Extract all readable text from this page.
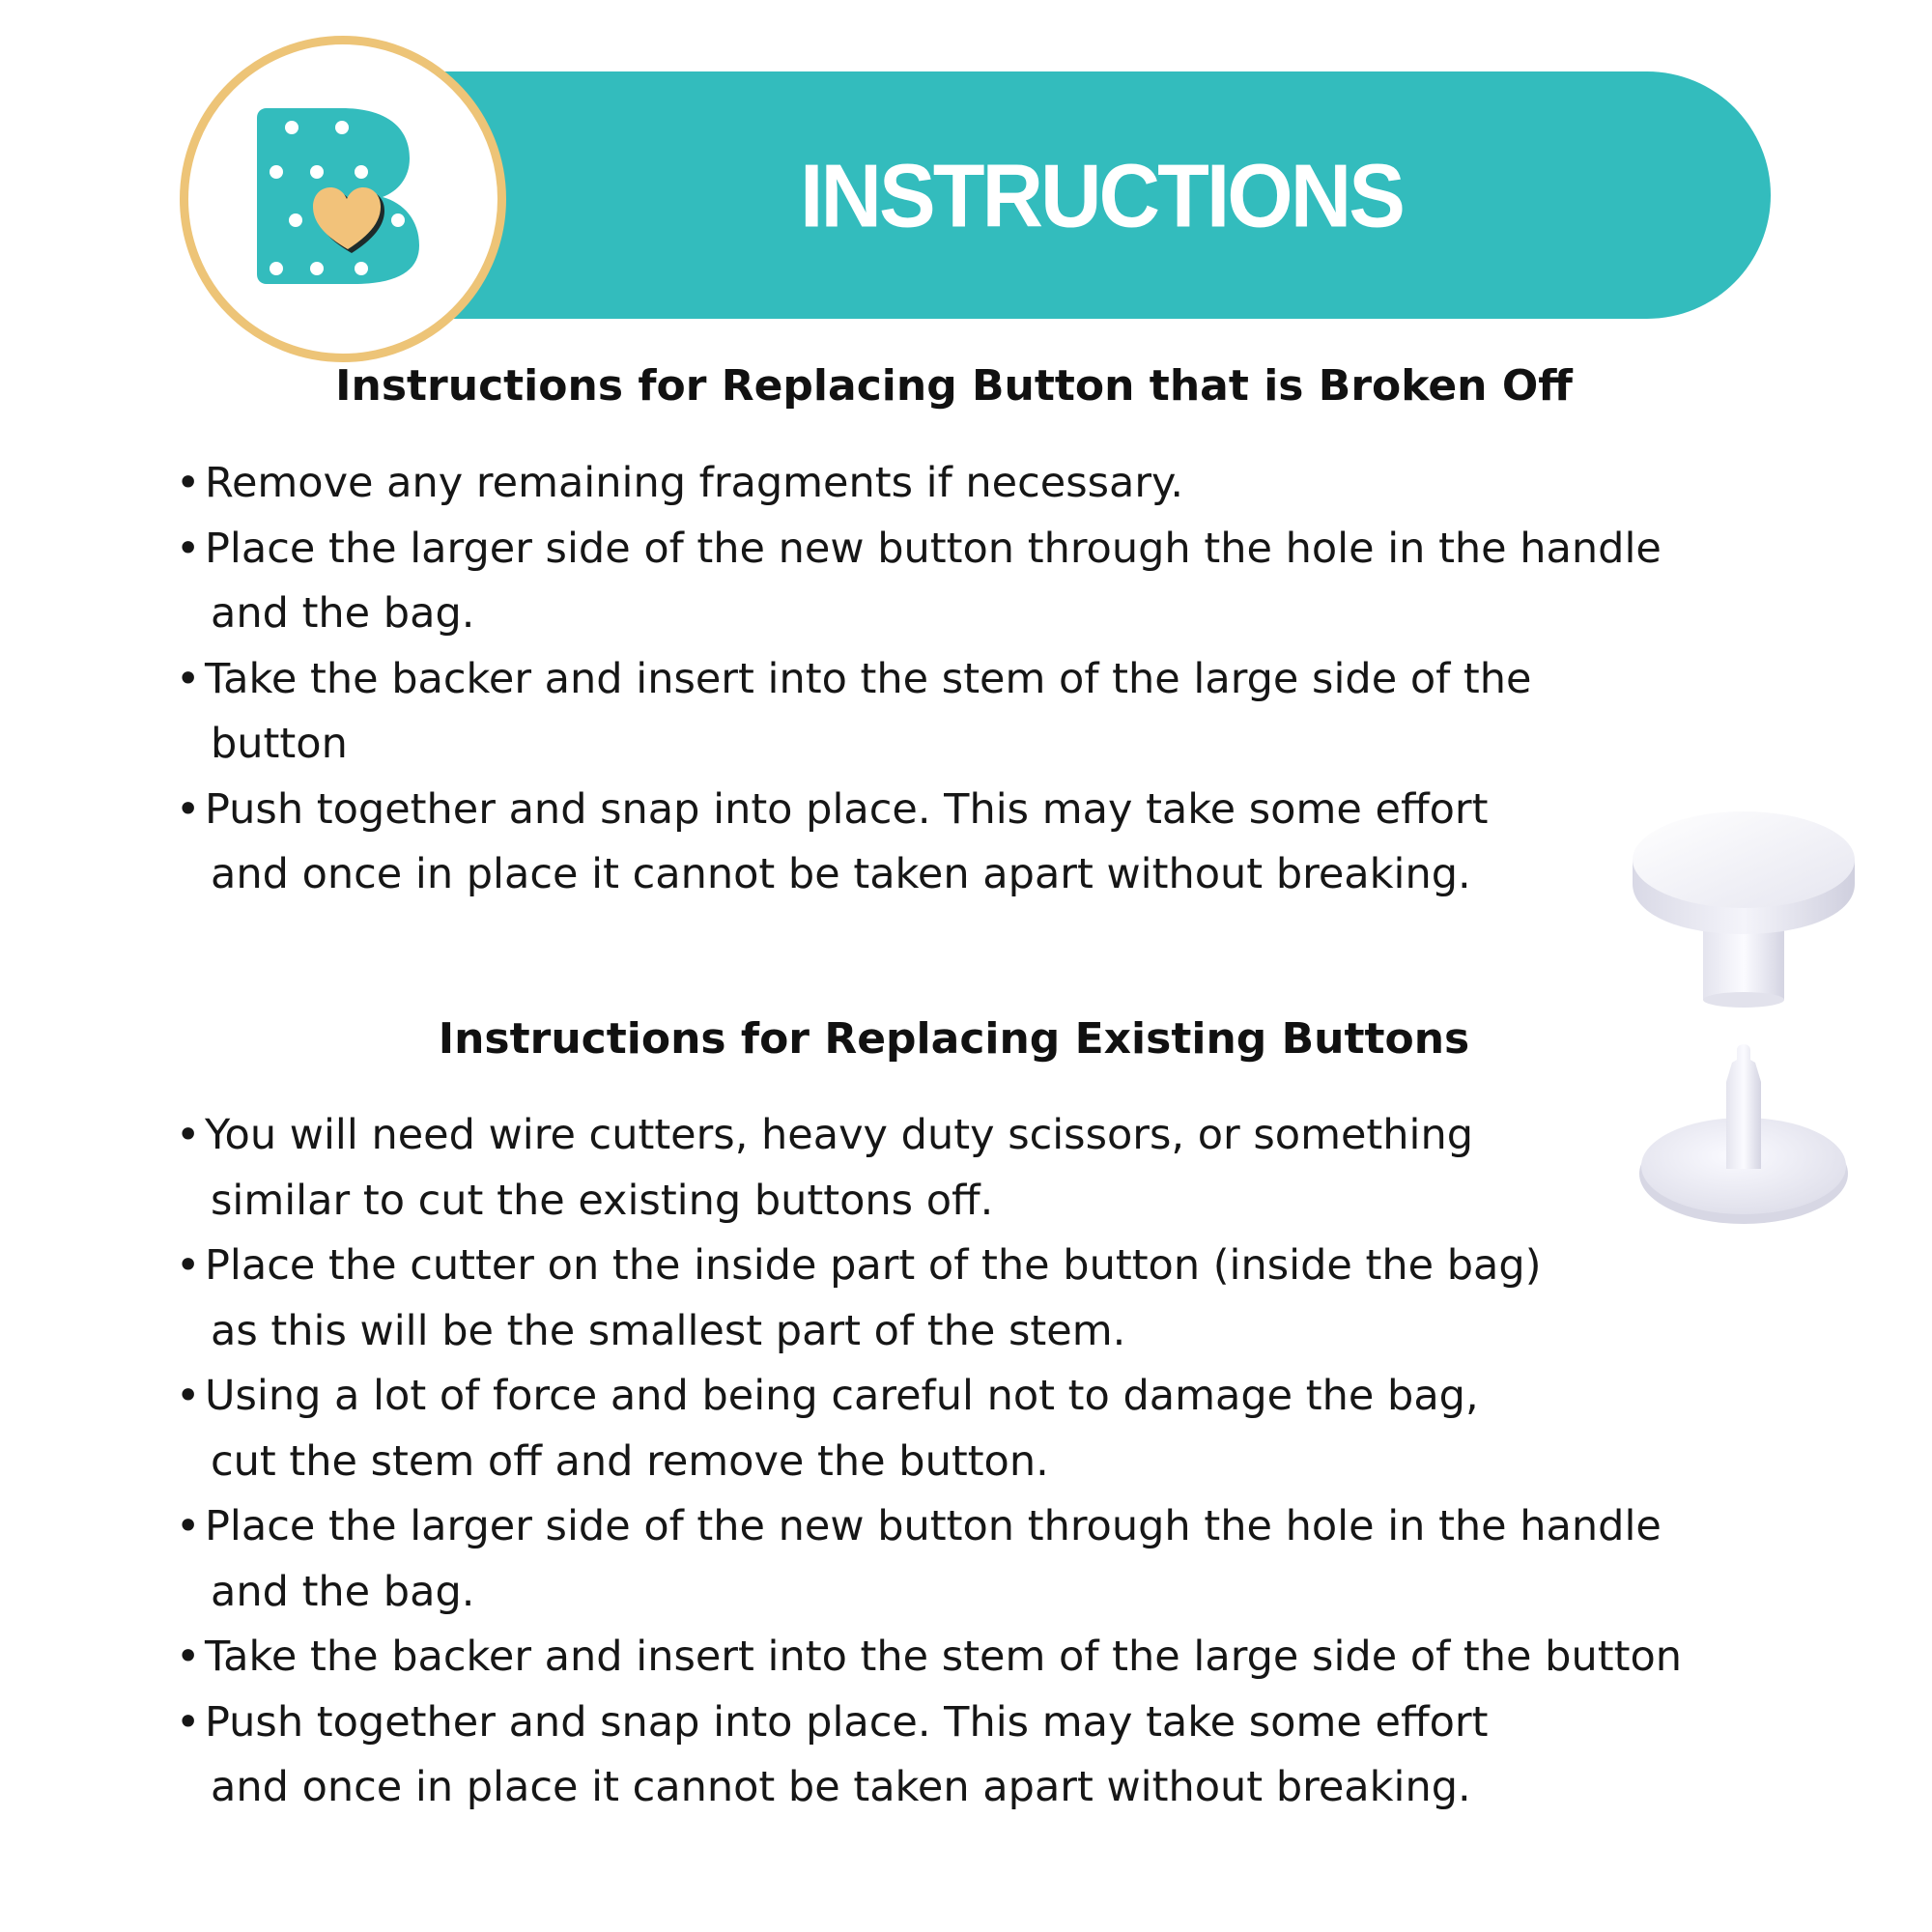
INSTRUCTIONS
Instructions for Replacing Button that is Broken Off
• Remove any remaining fragments if necessary.
• Place the larger side of the new button through the hole in the handle
and the bag.
• Take the backer and insert into the stem of the large side of the
button
• Push together and snap into place. This may take some effort
and once in place it cannot be taken apart without breaking.
Instructions for Replacing Existing Buttons
• You will need wire cutters, heavy duty scissors, or something
similar to cut the existing buttons off.
• Place the cutter on the inside part of the button (inside the bag)
as this will be the smallest part of the stem.
• Using a lot of force and being careful not to damage the bag,
cut the stem off and remove the button.
• Place the larger side of the new button through the hole in the handle
and the bag.
• Take the backer and insert into the stem of the large side of the button
• Push together and snap into place. This may take some effort
and once in place it cannot be taken apart without breaking.
